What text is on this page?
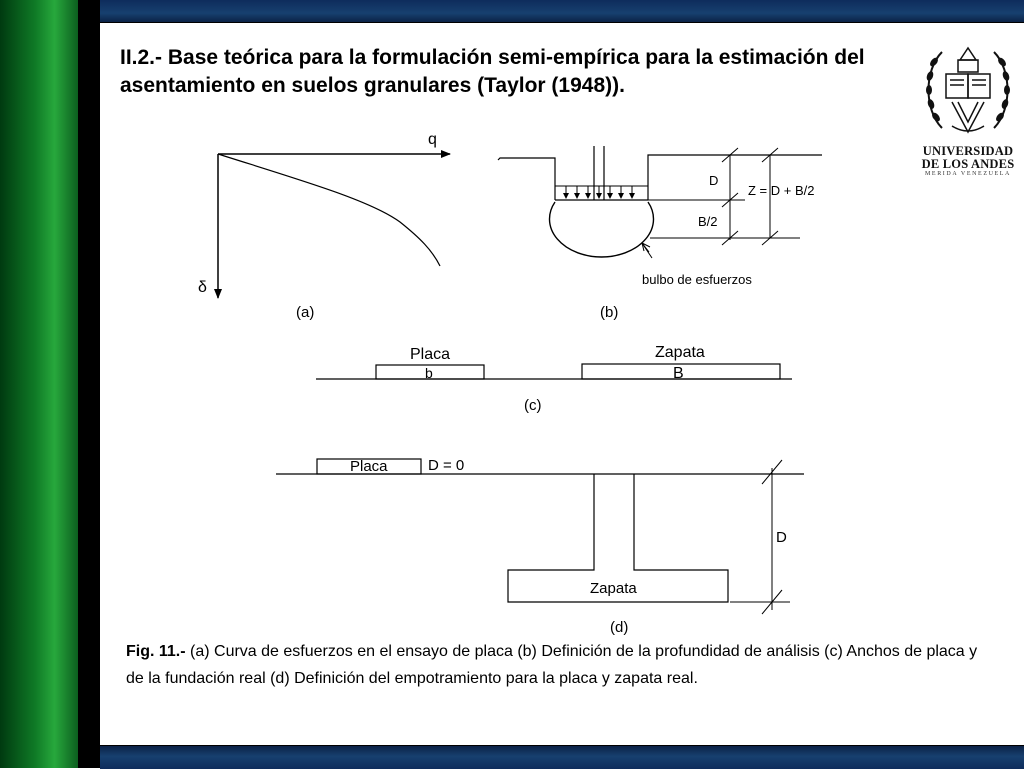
II.2.- Base teórica para la formulación semi-empírica para la estimación del asentamiento en suelos granulares (Taylor (1948)).
UNIVERSIDAD
DE LOS ANDES
MERIDA VENEZUELA
q
δ
(a)
D
B/2
Z = D + B/2
bulbo de esfuerzos
(b)
Placa
b
Zapata
B
(c)
Placa	D = 0
D
Zapata
(d)

Fig. 11.- (a) Curva de esfuerzos en el ensayo de placa (b) Definición de la profundidad de análisis (c) Anchos de placa y de la fundación real (d) Definición del empotramiento para la placa y zapata real.
